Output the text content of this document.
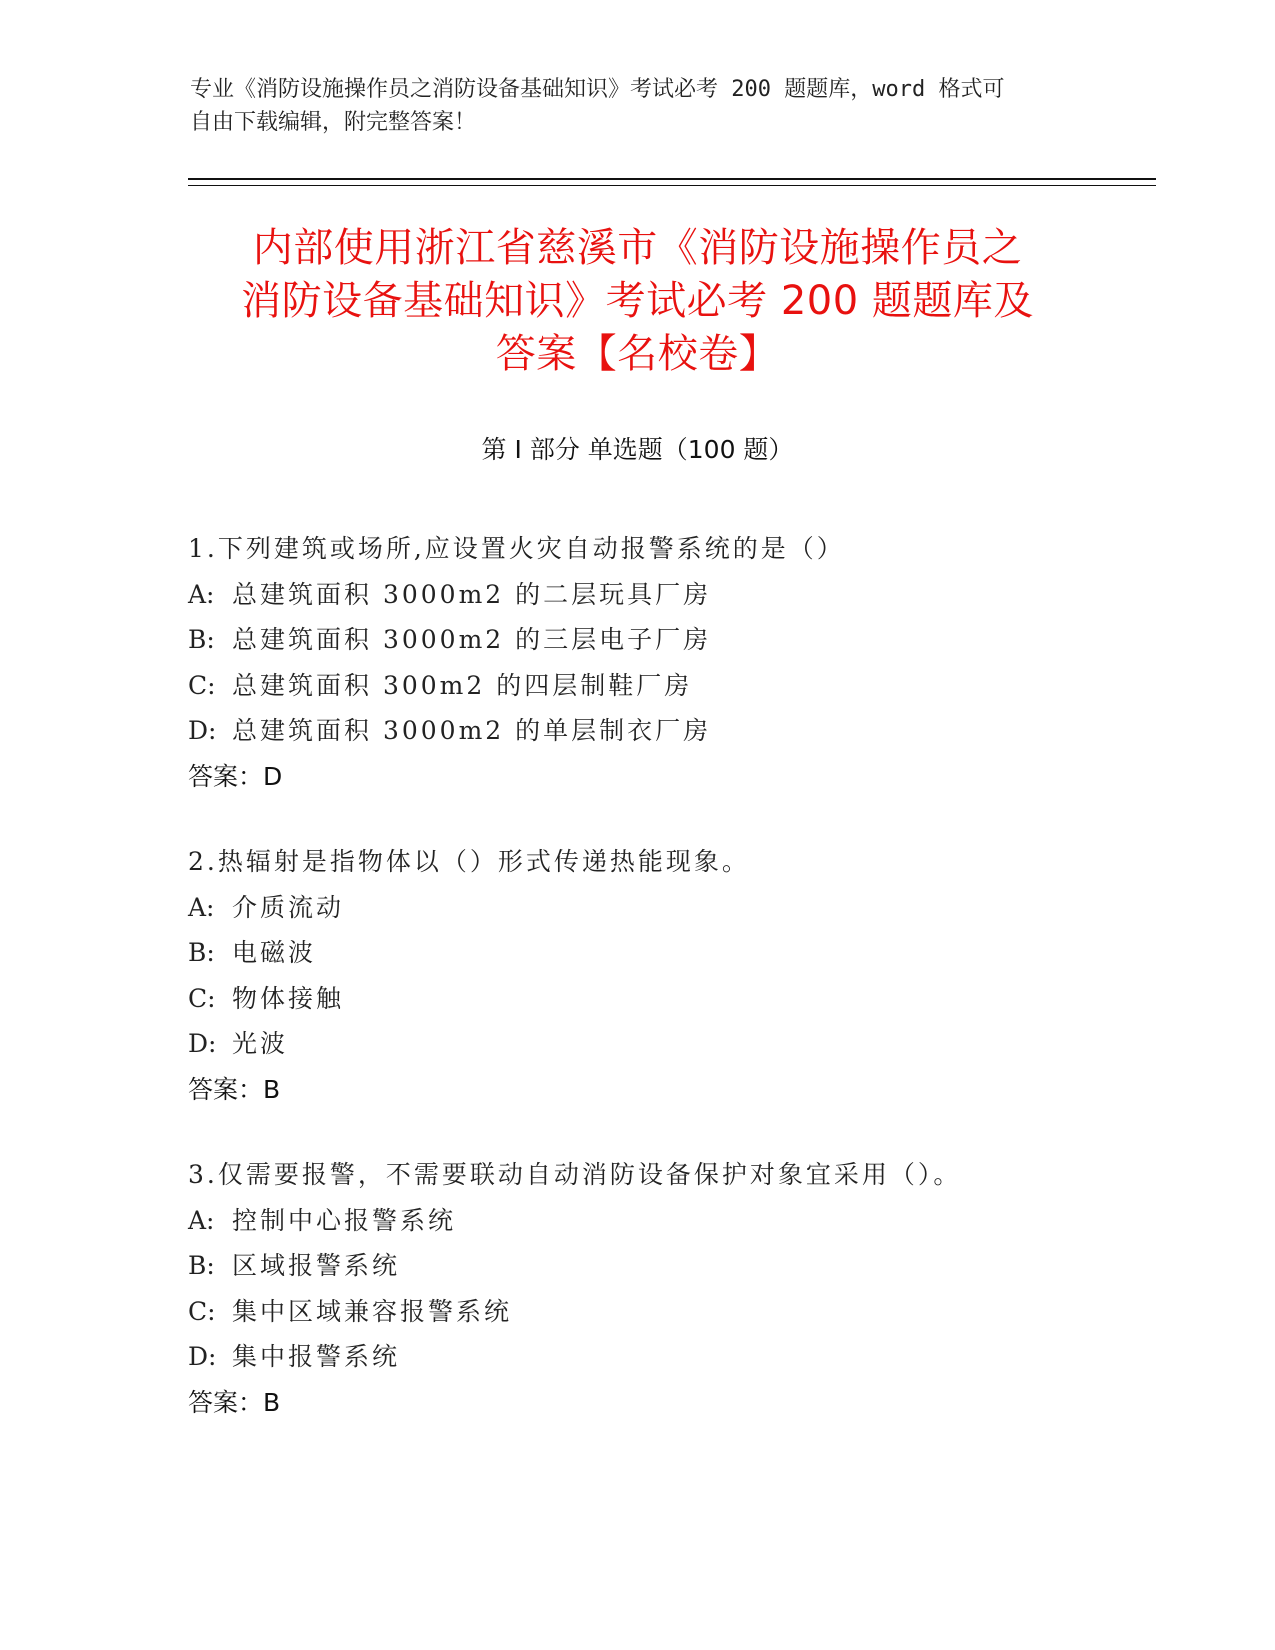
专业《消防设施操作员之消防设备基础知识》考试必考 200 题题库，word 格式可
自由下载编辑，附完整答案！
内部使用浙江省慈溪市《消防设施操作员之
消防设备基础知识》考试必考 200 题题库及
答案【名校卷】
第 I 部分 单选题（100 题）
1.下列建筑或场所,应设置火灾自动报警系统的是（）
A: 总建筑面积 3000m2 的二层玩具厂房
B: 总建筑面积 3000m2 的三层电子厂房
C: 总建筑面积 300m2 的四层制鞋厂房
D: 总建筑面积 3000m2 的单层制衣厂房
答案：D
2.热辐射是指物体以（）形式传递热能现象。
A: 介质流动
B: 电磁波
C: 物体接触
D: 光波
答案：B
3.仅需要报警，不需要联动自动消防设备保护对象宜采用（）。
A: 控制中心报警系统
B: 区域报警系统
C: 集中区域兼容报警系统
D: 集中报警系统
答案：B
